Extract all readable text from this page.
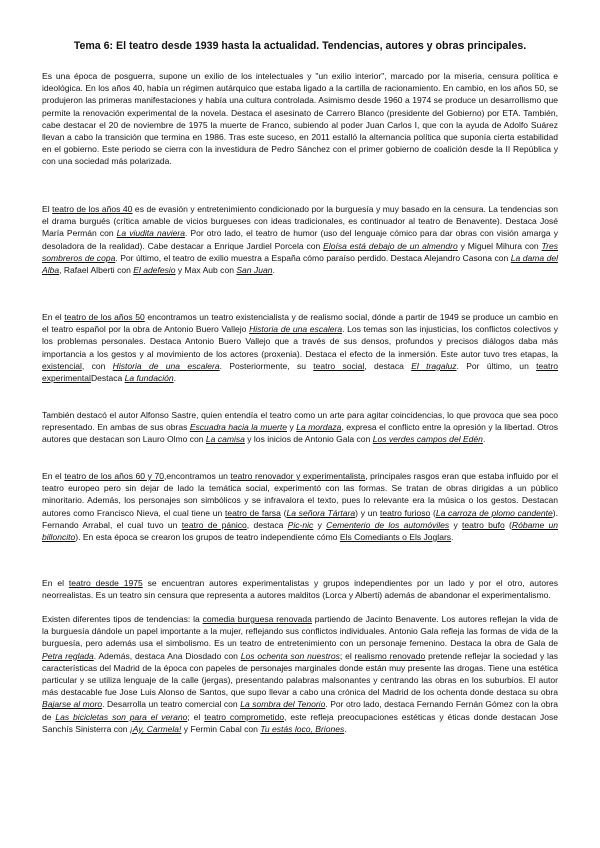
Tema 6: El teatro desde 1939 hasta la actualidad. Tendencias, autores y obras principales.

Es una época de posguerra, supone un exilio de los intelectuales y "un exilio interior", marcado por la miseria, censura política e ideológica. En los años 40, había un régimen autárquico que estaba ligado a la cartilla de racionamiento. En cambio, en los años 50, se produjeron las primeras manifestaciones y había una cultura controlada. Asimismo desde 1960 a 1974 se produce un desarrollismo que permite la renovación experimental de la novela. Destaca el asesinato de Carrero Blanco (presidente del Gobierno) por ETA. También, cabe destacar el 20 de noviembre de 1975 la muerte de Franco, subiendo al poder Juan Carlos I, que con la ayuda de Adolfo Suárez llevan a cabo la transición que termina en 1986. Tras este suceso, en 2011 estalló la alternancia política que suponía cierta estabilidad en el gobierno. Este periodo se cierra con la investidura de Pedro Sánchez con el primer gobierno de coalición desde la II República y con una sociedad más polarizada.

El teatro de los años 40 es de evasión y entretenimiento condicionado por la burguesía y muy basado en la censura. La tendencias son el drama burgués (crítica amable de vicios burgueses con ideas tradicionales, es continuador al teatro de Benavente). Destaca José María Permán con La viudita naviera. Por otro lado, el teatro de humor (uso del lenguaje cómico para dar obras con visión amarga y desoladora de la realidad). Cabe destacar a Enrique Jardiel Porcela con Eloísa está debajo de un almendro y Miguel Mihura con Tres sombreros de copa. Por último, el teatro de exilio muestra a España cómo paraíso perdido. Destaca Alejandro Casona con La dama del Alba, Rafael Alberti con El adefesio y Max Aub con San Juan.

En el teatro de los años 50 encontramos un teatro existencialista y de realismo social, dónde a partir de 1949 se produce un cambio en el teatro español por la obra de Antonio Buero Vallejo Historia de una escalera. Los temas son las injusticias, los conflictos colectivos y los problemas personales. Destaca Antonio Buero Vallejo que a través de sus densos, profundos y precisos diálogos daba más importancia a los gestos y al movimiento de los actores (proxenia). Destaca el efecto de la inmersión. Este autor tuvo tres etapas, la existencial, con Historia de una escalera. Posteriormente, su teatro social, destaca El tragaluz. Por último, un teatro experimentalDestaca La fundación.

También destacó el autor Alfonso Sastre, quien entendía el teatro como un arte para agitar coincidencias, lo que provoca que sea poco representado. En ambas de sus obras Escuadra hacia la muerte y La mordaza, expresa el conflicto entre la opresión y la libertad. Otros autores que destacan son Lauro Olmo con La camisa y los inicios de Antonio Gala con Los verdes campos del Edén.

En el teatro de los años 60 y 70,encontramos un teatro renovador y experimentalista, principales rasgos eran que estaba influido por el teatro europeo pero sin dejar de lado la temática social, experimentó con las formas. Se tratan de obras dirigidas a un público minoritario. Además, los personajes son simbólicos y se infravalora el texto, pues lo relevante era la música o los gestos. Destacan autores como Francisco Nieva, el cual tiene un teatro de farsa (La señora Tártara) y un teatro furioso (La carroza de plomo candente). Fernando Arrabal, el cual tuvo un teatro de pánico, destaca Pic-nic y Cementerio de los automóviles y teatro bufo (Róbame un billoncito). En esta época se crearon los grupos de teatro independiente cómo Els Comediants o Els Joglars.

En el teatro desde 1975 se encuentran autores experimentalistas y grupos independientes por un lado y por el otro, autores neorrealistas. Es un teatro sin censura que representa a autores malditos (Lorca y Alberti) además de abandonar el experimentalismo.

Existen diferentes tipos de tendencias: la comedia burguesa renovada partiendo de Jacinto Benavente. Los autores reflejan la vida de la burguesía dándole un papel importante a la mujer, reflejando sus conflictos individuales. Antonio Gala refleja las formas de vida de la burguesía, pero además usa el simbolismo. Es un teatro de entretenimiento con un personaje femenino. Destaca la obra de Gala de Petra reglada. Además, destaca Ana Diosdado con Los ochenta son nuestros; el realismo renovado pretende reflejar la sociedad y las características del Madrid de la época con papeles de personajes marginales donde están muy presente las drogas. Tiene una estética particular y se utiliza lenguaje de la calle (jergas), presentando palabras malsonantes y centrando las obras en los suburbios. El autor más destacable fue Jose Luis Alonso de Santos, que supo llevar a cabo una crónica del Madrid de los ochenta donde destaca su obra Bajarse al moro. Desarrolla un teatro comercial con La sombra del Tenorio. Por otro lado, destaca Fernando Fernán Gómez con la obra de Las bicicletas son para el verano; el teatro comprometido, este refleja preocupaciones estéticas y éticas donde destacan Jose Sanchís Sinisterra con ¡Ay, Carmela! y Fermin Cabal con Tu estás loco, Briones.
